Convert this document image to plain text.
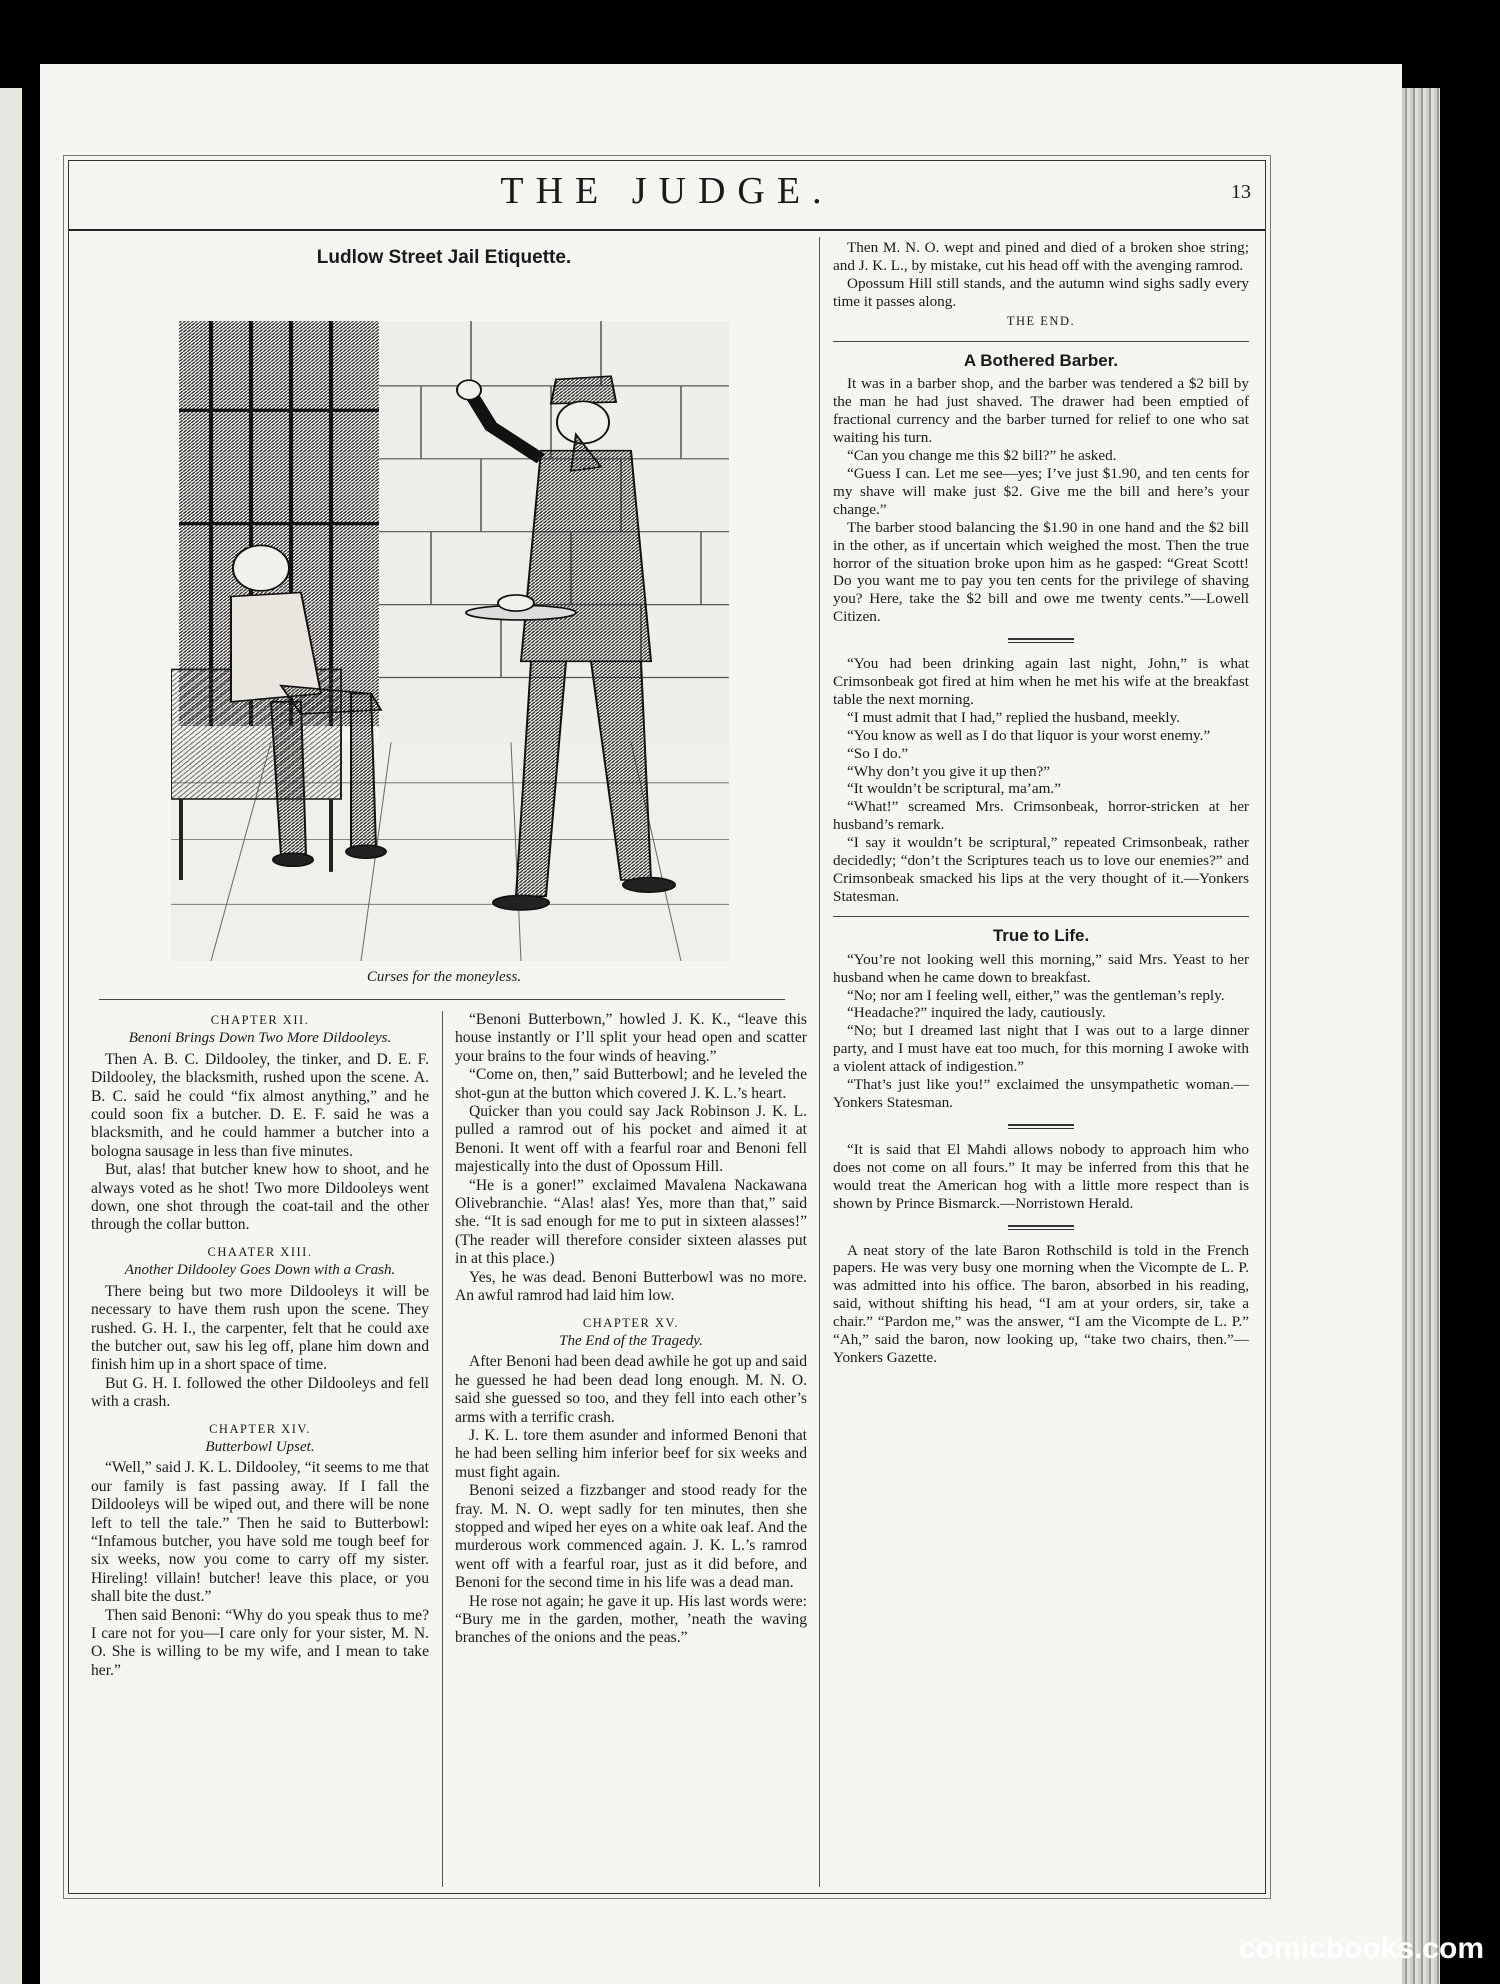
THE JUDGE.	13
Ludlow Street Jail Etiquette.
Curses for the moneyless.
CHAPTER XII.
Benoni Brings Down Two More Dildooleys.

Then A. B. C. Dildooley, the tinker, and D. E. F. Dildooley, the blacksmith, rushed upon the scene. A. B. C. said he could “fix almost anything,” and he could soon fix a butcher. D. E. F. said he was a blacksmith, and he could hammer a butcher into a bologna sausage in less than five minutes.

But, alas! that butcher knew how to shoot, and he always voted as he shot! Two more Dildooleys went down, one shot through the coat-tail and the other through the collar button.

CHAATER XIII.
Another Dildooley Goes Down with a Crash.

There being but two more Dildooleys it will be necessary to have them rush upon the scene. They rushed. G. H. I., the carpenter, felt that he could axe the butcher out, saw his leg off, plane him down and finish him up in a short space of time.

But G. H. I. followed the other Dildooleys and fell with a crash.

CHAPTER XIV.
Butterbowl Upset.

“Well,” said J. K. L. Dildooley, “it seems to me that our family is fast passing away. If I fall the Dildooleys will be wiped out, and there will be none left to tell the tale.” Then he said to Butterbowl: “Infamous butcher, you have sold me tough beef for six weeks, now you come to carry off my sister. Hireling! villain! butcher! leave this place, or you shall bite the dust.”

Then said Benoni: “Why do you speak thus to me? I care not for you—I care only for your sister, M. N. O. She is willing to be my wife, and I mean to take her.”

“Benoni Butterbown,” howled J. K. K., “leave this house instantly or I’ll split your head open and scatter your brains to the four winds of heaving.”

“Come on, then,” said Butterbowl; and he leveled the shot-gun at the button which covered J. K. L.’s heart.

Quicker than you could say Jack Robinson J. K. L. pulled a ramrod out of his pocket and aimed it at Benoni. It went off with a fearful roar and Benoni fell majestically into the dust of Opossum Hill.

“He is a goner!” exclaimed Mavalena Nackawana Olivebranchie. “Alas! alas! Yes, more than that,” said she. “It is sad enough for me to put in sixteen alasses!” (The reader will therefore consider sixteen alasses put in at this place.)

Yes, he was dead. Benoni Butterbowl was no more. An awful ramrod had laid him low.

CHAPTER XV.
The End of the Tragedy.

After Benoni had been dead awhile he got up and said he guessed he had been dead long enough. M. N. O. said she guessed so too, and they fell into each other’s arms with a terrific crash.

J. K. L. tore them asunder and informed Benoni that he had been selling him inferior beef for six weeks and must fight again.

Benoni seized a fizzbanger and stood ready for the fray. M. N. O. wept sadly for ten minutes, then she stopped and wiped her eyes on a white oak leaf. And the murderous work commenced again. J. K. L.’s ramrod went off with a fearful roar, just as it did before, and Benoni for the second time in his life was a dead man.

He rose not again; he gave it up. His last words were: “Bury me in the garden, mother, ’neath the waving branches of the onions and the peas.”

Then M. N. O. wept and pined and died of a broken shoe string; and J. K. L., by mistake, cut his head off with the avenging ramrod.

Opossum Hill still stands, and the autumn wind sighs sadly every time it passes along.

THE END.

A Bothered Barber.

It was in a barber shop, and the barber was tendered a $2 bill by the man he had just shaved. The drawer had been emptied of fractional currency and the barber turned for relief to one who sat waiting his turn.

“Can you change me this $2 bill?” he asked.

“Guess I can. Let me see—yes; I’ve just $1.90, and ten cents for my shave will make just $2. Give me the bill and here’s your change.”

The barber stood balancing the $1.90 in one hand and the $2 bill in the other, as if uncertain which weighed the most. Then the true horror of the situation broke upon him as he gasped: “Great Scott! Do you want me to pay you ten cents for the privilege of shaving you? Here, take the $2 bill and owe me twenty cents.”—Lowell Citizen.

“You had been drinking again last night, John,” is what Crimsonbeak got fired at him when he met his wife at the breakfast table the next morning.

“I must admit that I had,” replied the husband, meekly.

“You know as well as I do that liquor is your worst enemy.”

“So I do.”

“Why don’t you give it up then?”

“It wouldn’t be scriptural, ma’am.”

“What!” screamed Mrs. Crimsonbeak, horror-stricken at her husband’s remark.

“I say it wouldn’t be scriptural,” repeated Crimsonbeak, rather decidedly; “don’t the Scriptures teach us to love our enemies?” and Crimsonbeak smacked his lips at the very thought of it.—Yonkers Statesman.

True to Life.

“You’re not looking well this morning,” said Mrs. Yeast to her husband when he came down to breakfast.

“No; nor am I feeling well, either,” was the gentleman’s reply.

“Headache?” inquired the lady, cautiously.

“No; but I dreamed last night that I was out to a large dinner party, and I must have eat too much, for this morning I awoke with a violent attack of indigestion.”

“That’s just like you!” exclaimed the unsympathetic woman.—Yonkers Statesman.

“It is said that El Mahdi allows nobody to approach him who does not come on all fours.” It may be inferred from this that he would treat the American hog with a little more respect than is shown by Prince Bismarck.—Norristown Herald.

A neat story of the late Baron Rothschild is told in the French papers. He was very busy one morning when the Vicompte de L. P. was admitted into his office. The baron, absorbed in his reading, said, without shifting his head, “I am at your orders, sir, take a chair.” “Pardon me,” was the answer, “I am the Vicompte de L. P.” “Ah,” said the baron, now looking up, “take two chairs, then.”—Yonkers Gazette.

comicbooks.com
